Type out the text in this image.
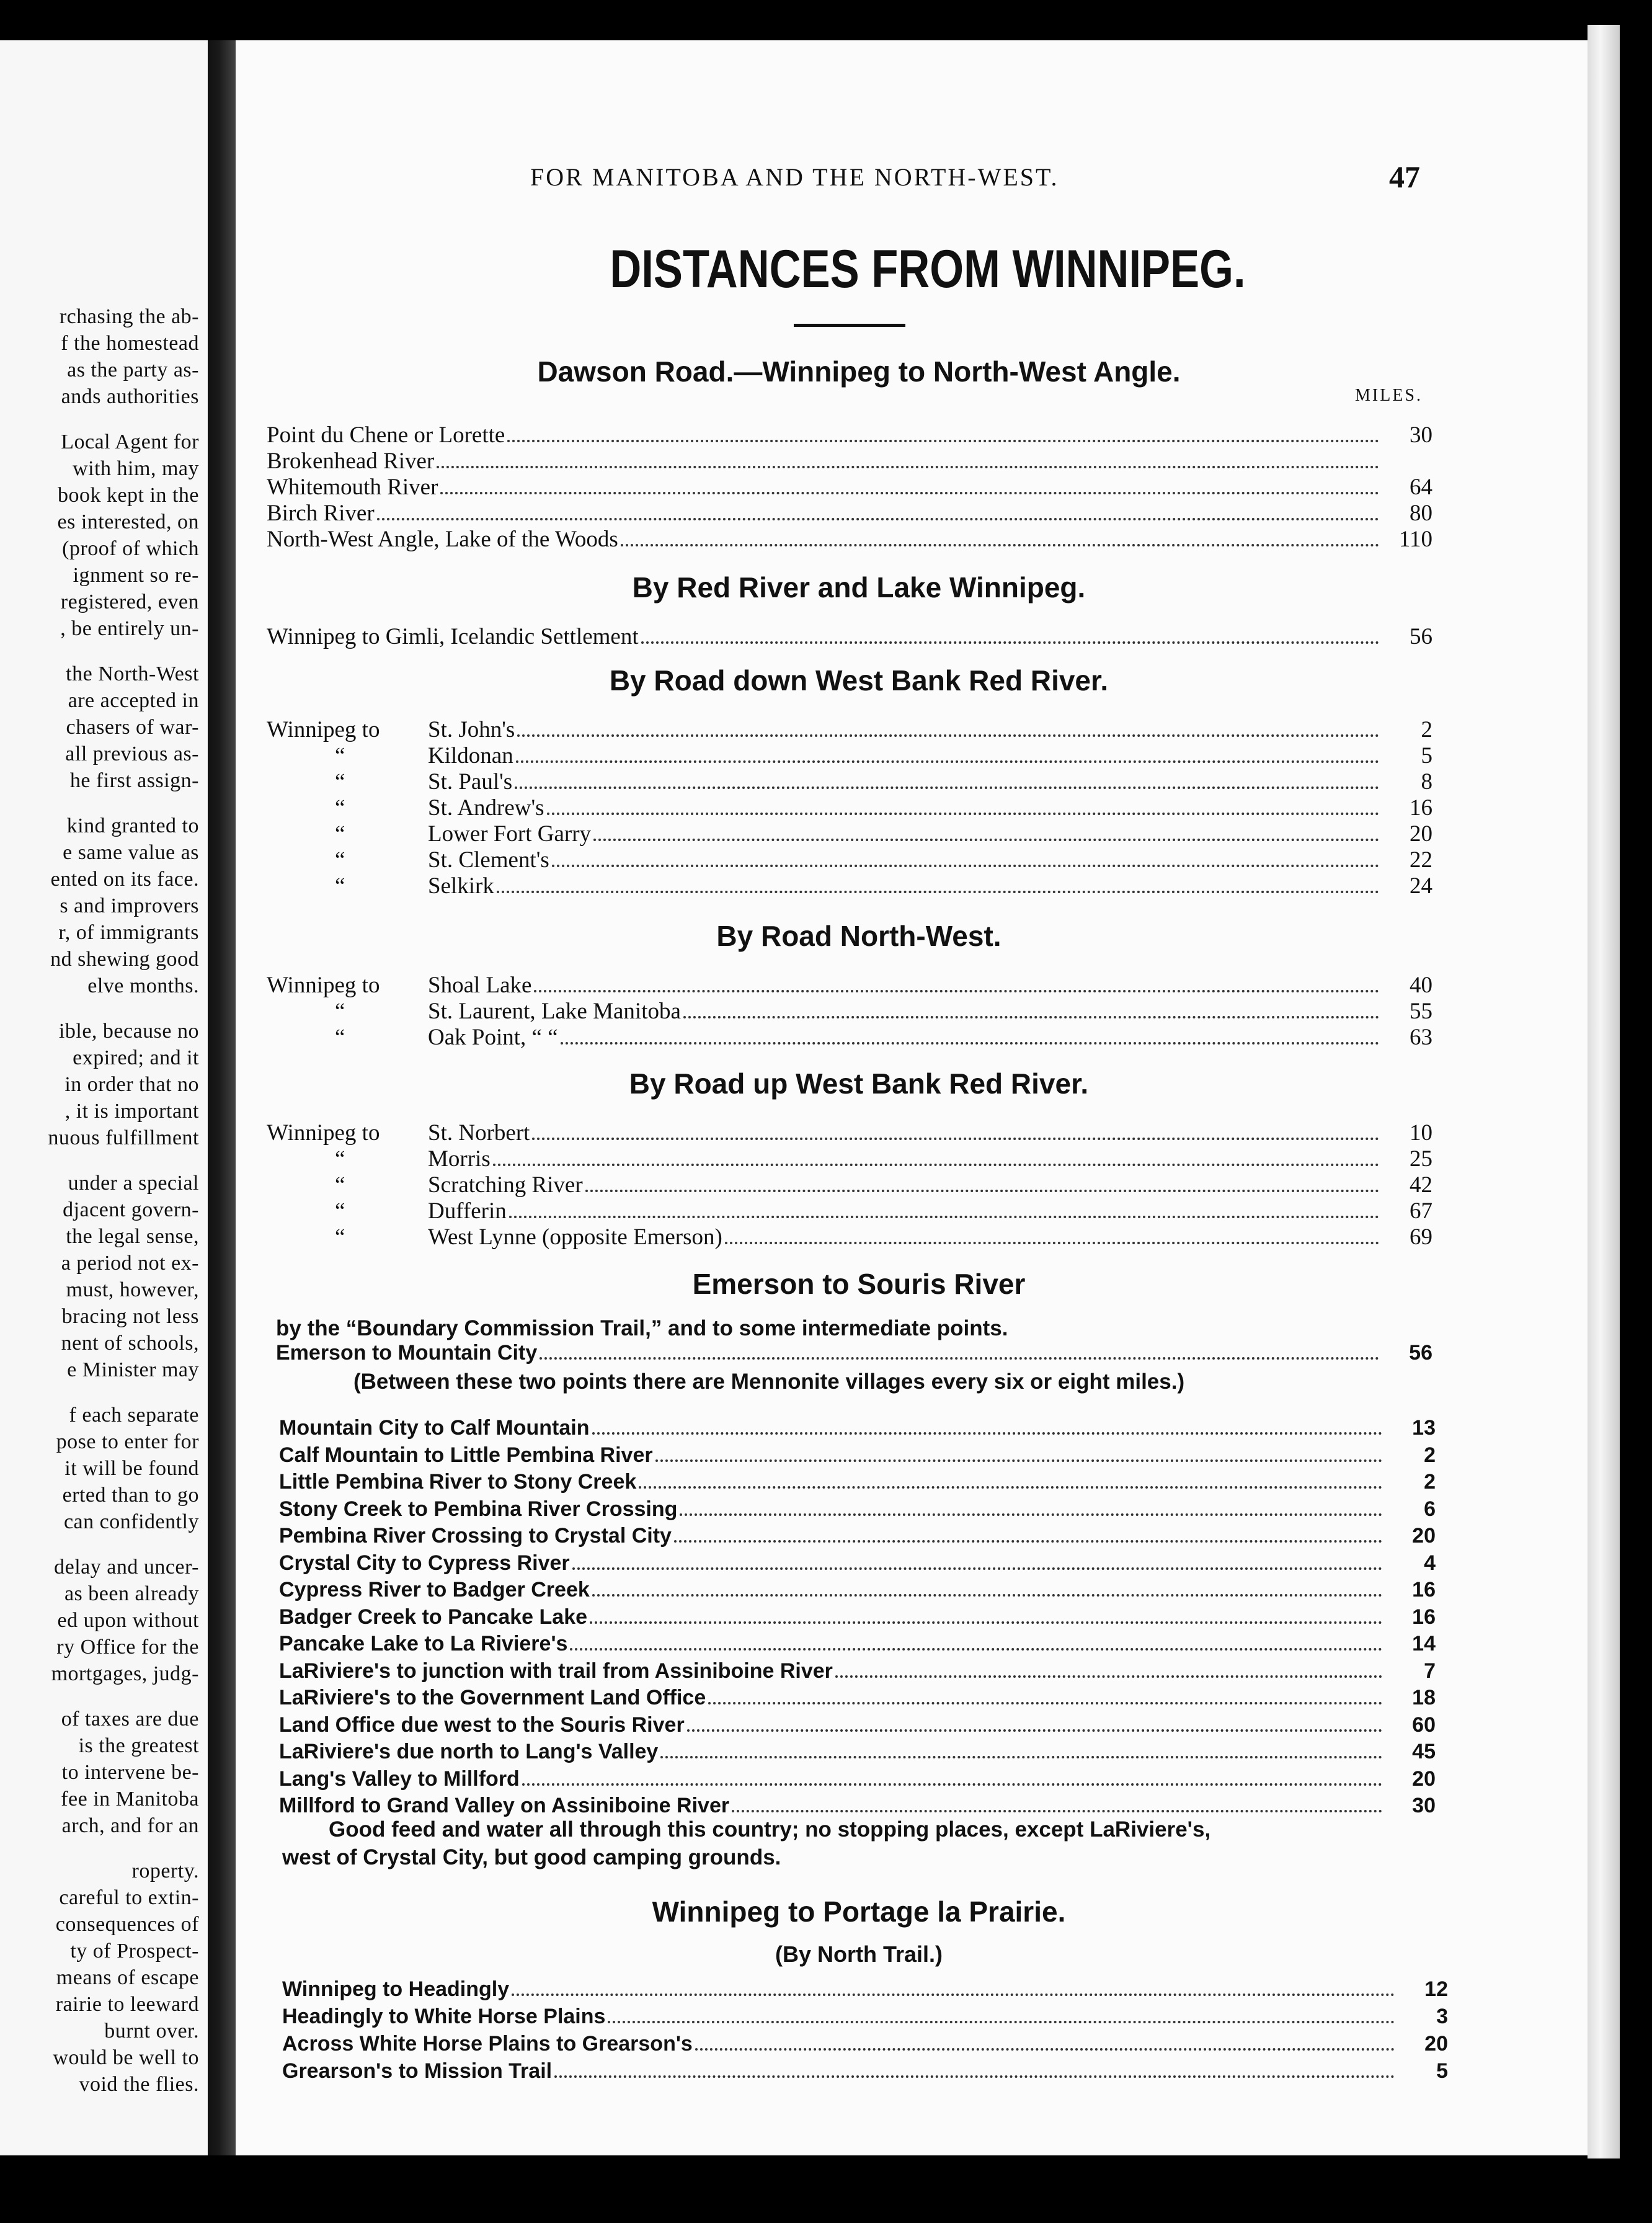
rchasing the ab-
f the homestead
as the party as-
ands authorities
Local Agent for
with him, may
book kept in the
es interested, on
(proof of which
ignment so re-
registered, even
, be entirely un-
the North-West
are accepted in
chasers of war-
all previous as-
he first assign-
kind granted to
e same value as
ented on its face.
s and improvers
r, of immigrants
nd shewing good
elve months.
ible, because no
expired; and it
in order that no
, it is important
nuous fulfillment
under a special
djacent govern-
the legal sense,
a period not ex-
must, however,
bracing not less
nent of schools,
e Minister may
f each separate
pose to enter for
it will be found
erted than to go
can confidently
delay and uncer-
as been already
ed upon without
ry Office for the
mortgages, judg-
of taxes are due
is the greatest
to intervene be-
fee in Manitoba
arch, and for an
roperty.
careful to extin-
consequences of
ty of Prospect-
means of escape
rairie to leeward
burnt over.
would be well to
void the flies.
FOR MANITOBA AND THE NORTH-WEST.	47
DISTANCES FROM WINNIPEG.
MILES.
Dawson Road.—Winnipeg to North-West Angle.
Point du Chene or Lorette	30
Brokenhead River
Whitemouth River	64
Birch River	80
North-West Angle, Lake of the Woods	110
By Red River and Lake Winnipeg.
Winnipeg to Gimli, Icelandic Settlement	56
By Road down West Bank Red River.
Winnipeg to	St. John's	2
“	Kildonan	5
“	St. Paul's	8
“	St. Andrew's	16
“	Lower Fort Garry	20
“	St. Clement's	22
“	Selkirk	24
By Road North-West.
Winnipeg to	Shoal Lake	40
“	St. Laurent, Lake Manitoba	55
“	Oak Point, “ “	63
By Road up West Bank Red River.
Winnipeg to	St. Norbert	10
“	Morris	25
“	Scratching River	42
“	Dufferin	67
“	West Lynne (opposite Emerson)	69
Emerson to Souris River
by the “Boundary Commission Trail,” and to some intermediate points.
Emerson to Mountain City	56
(Between these two points there are Mennonite villages every six or eight miles.)
Mountain City to Calf Mountain	13
Calf Mountain to Little Pembina River	2
Little Pembina River to Stony Creek	2
Stony Creek to Pembina River Crossing	6
Pembina River Crossing to Crystal City	20
Crystal City to Cypress River	4
Cypress River to Badger Creek	16
Badger Creek to Pancake Lake	16
Pancake Lake to La Riviere's	14
LaRiviere's to junction with trail from Assiniboine River	7
LaRiviere's to the Government Land Office	18
Land Office due west to the Souris River	60
LaRiviere's due north to Lang's Valley	45
Lang's Valley to Millford	20
Millford to Grand Valley on Assiniboine River	30
Good feed and water all through this country; no stopping places, except LaRiviere's,
west of Crystal City, but good camping grounds.
Winnipeg to Portage la Prairie.
(By North Trail.)
Winnipeg to Headingly	12
Headingly to White Horse Plains	3
Across White Horse Plains to Grearson's	20
Grearson's to Mission Trail	5
